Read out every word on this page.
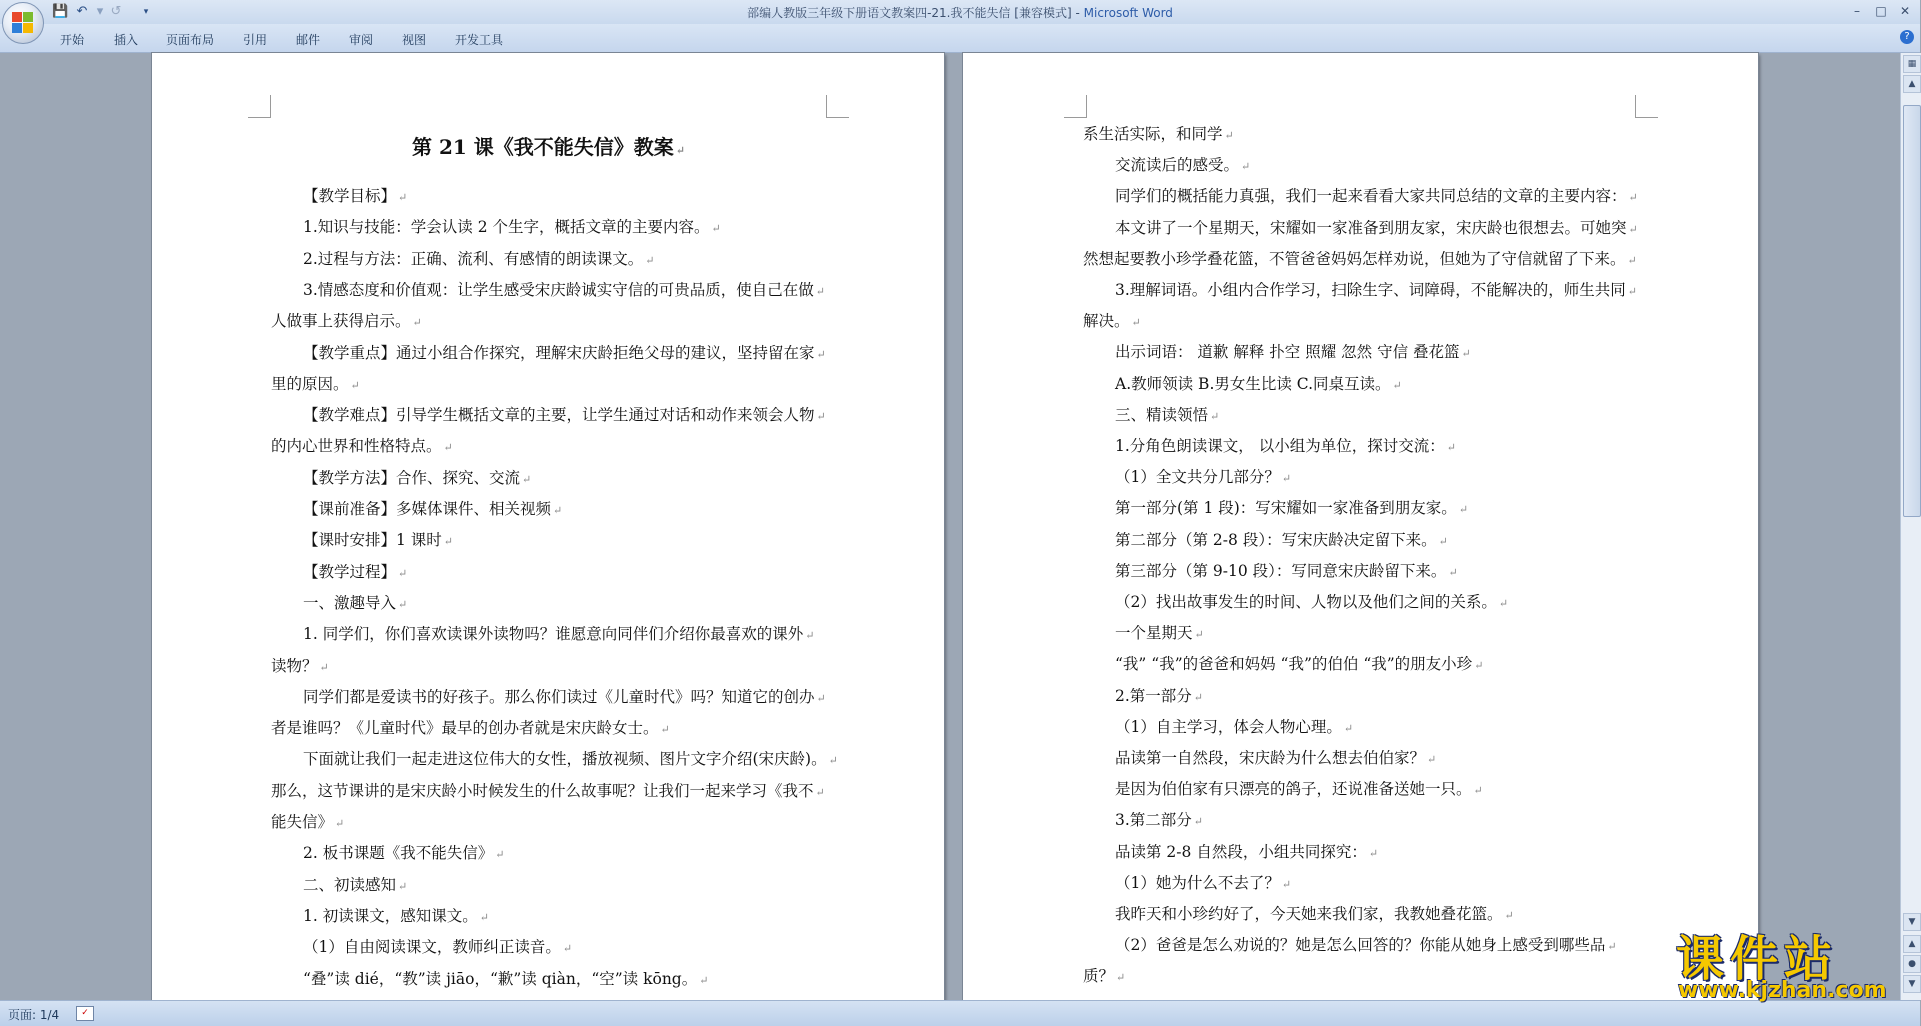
💾 ↶ ▾ ↺	▾	部编人教版三年级下册语文教案四-21.我不能失信 [兼容模式] - Microsoft Word	–	□	✕
开始 插入 页面布局 引用 邮件 审阅 视图 开发工具	?
第 21 课《我不能失信》教案 ↵
【教学目标】 ↵
1.知识与技能：学会认读 2 个生字，概括文章的主要内容。 ↵
2.过程与方法：正确、流利、有感情的朗读课文。 ↵
3.情感态度和价值观：让学生感受宋庆龄诚实守信的可贵品质，使自己在做 ↵
人做事上获得启示。 ↵
【教学重点】通过小组合作探究，理解宋庆龄拒绝父母的建议，坚持留在家 ↵
里的原因。 ↵
【教学难点】引导学生概括文章的主要，让学生通过对话和动作来领会人物 ↵
的内心世界和性格特点。 ↵
【教学方法】合作、探究、交流 ↵
【课前准备】多媒体课件、相关视频 ↵
【课时安排】1 课时 ↵
【教学过程】 ↵
一、激趣导入 ↵
1. 同学们，你们喜欢读课外读物吗？谁愿意向同伴们介绍你最喜欢的课外 ↵
读物？ ↵
同学们都是爱读书的好孩子。那么你们读过《儿童时代》吗？知道它的创办 ↵
者是谁吗？《儿童时代》最早的创办者就是宋庆龄女士。 ↵
下面就让我们一起走进这位伟大的女性，播放视频、图片文字介绍(宋庆龄)。 ↵
那么，这节课讲的是宋庆龄小时候发生的什么故事呢？让我们一起来学习《我不 ↵
能失信》 ↵
2. 板书课题《我不能失信》 ↵
二、初读感知 ↵
1. 初读课文，感知课文。 ↵
（1）自由阅读课文，教师纠正读音。 ↵
“叠”读 dié，“教”读 jiāo，“歉”读 qiàn，“空”读 kōng。 ↵
系生活实际，和同学 ↵
交流读后的感受。 ↵
同学们的概括能力真强，我们一起来看看大家共同总结的文章的主要内容： ↵
本文讲了一个星期天，宋耀如一家准备到朋友家，宋庆龄也很想去。可她突 ↵
然想起要教小珍学叠花篮，不管爸爸妈妈怎样劝说，但她为了守信就留了下来。 ↵
3.理解词语。小组内合作学习，扫除生字、词障碍，不能解决的，师生共同 ↵
解决。 ↵
出示词语： 道歉 解释 扑空 照耀 忽然 守信 叠花篮 ↵
A.教师领读 B.男女生比读 C.同桌互读。 ↵
三、精读领悟 ↵
1.分角色朗读课文， 以小组为单位，探讨交流： ↵
（1）全文共分几部分？ ↵
第一部分(第 1 段)：写宋耀如一家准备到朋友家。 ↵
第二部分（第 2-8 段）：写宋庆龄决定留下来。 ↵
第三部分（第 9-10 段）：写同意宋庆龄留下来。 ↵
（2）找出故事发生的时间、人物以及他们之间的关系。 ↵
一个星期天 ↵
“我” “我”的爸爸和妈妈 “我”的伯伯 “我”的朋友小珍 ↵
2.第一部分 ↵
（1）自主学习，体会人物心理。 ↵
品读第一自然段，宋庆龄为什么想去伯伯家？ ↵
是因为伯伯家有只漂亮的鸽子，还说准备送她一只。 ↵
3.第二部分 ↵
品读第 2-8 自然段，小组共同探究： ↵
（1）她为什么不去了？ ↵
我昨天和小珍约好了，今天她来我们家，我教她叠花篮。 ↵
（2）爸爸是怎么劝说的？她是怎么回答的？你能从她身上感受到哪些品 ↵
质？ ↵
▦
▲
▼
▲
●
▼
页面: 1/4	✓
课件站
www.kjzhan.com
